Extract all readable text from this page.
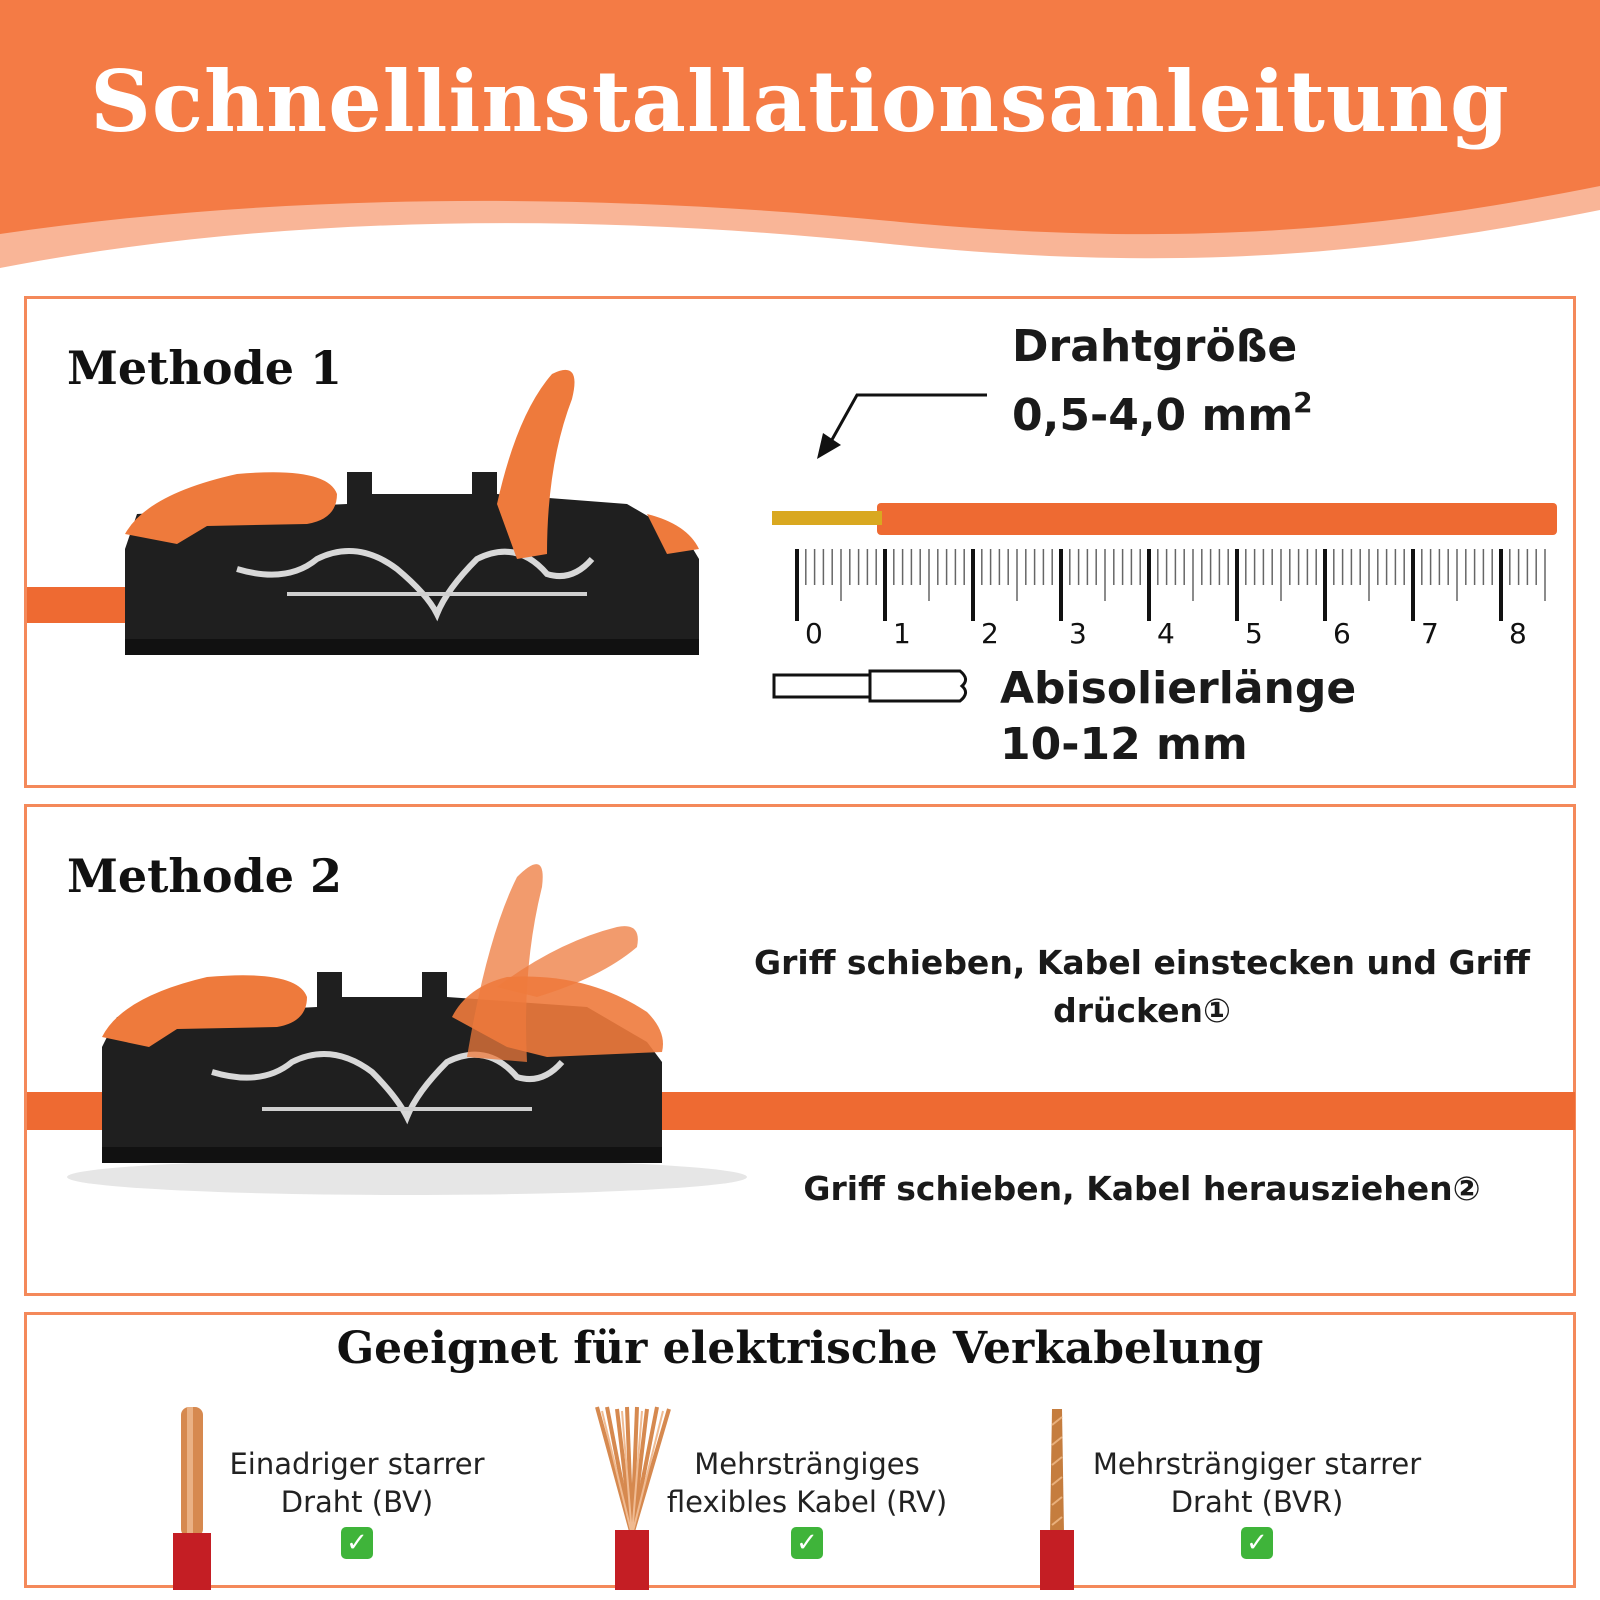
Schnellinstallationsanleitung
Methode 1	Drahtgröße
0,5-4,0 $mm^2$
0	1	2	3	4	5	6	7	8
Abisolierlänge
10-12 mm
Methode 2
Griff schieben, Kabel einstecken und Griff drücken①
Griff schieben, Kabel herausziehen②
Geeignet für elektrische Verkabelung
Einadriger starrer
Draht (BV)
✓
Mehrsträngiges
flexibles Kabel (RV)
✓
Mehrsträngiger starrer
Draht (BVR)
✓
